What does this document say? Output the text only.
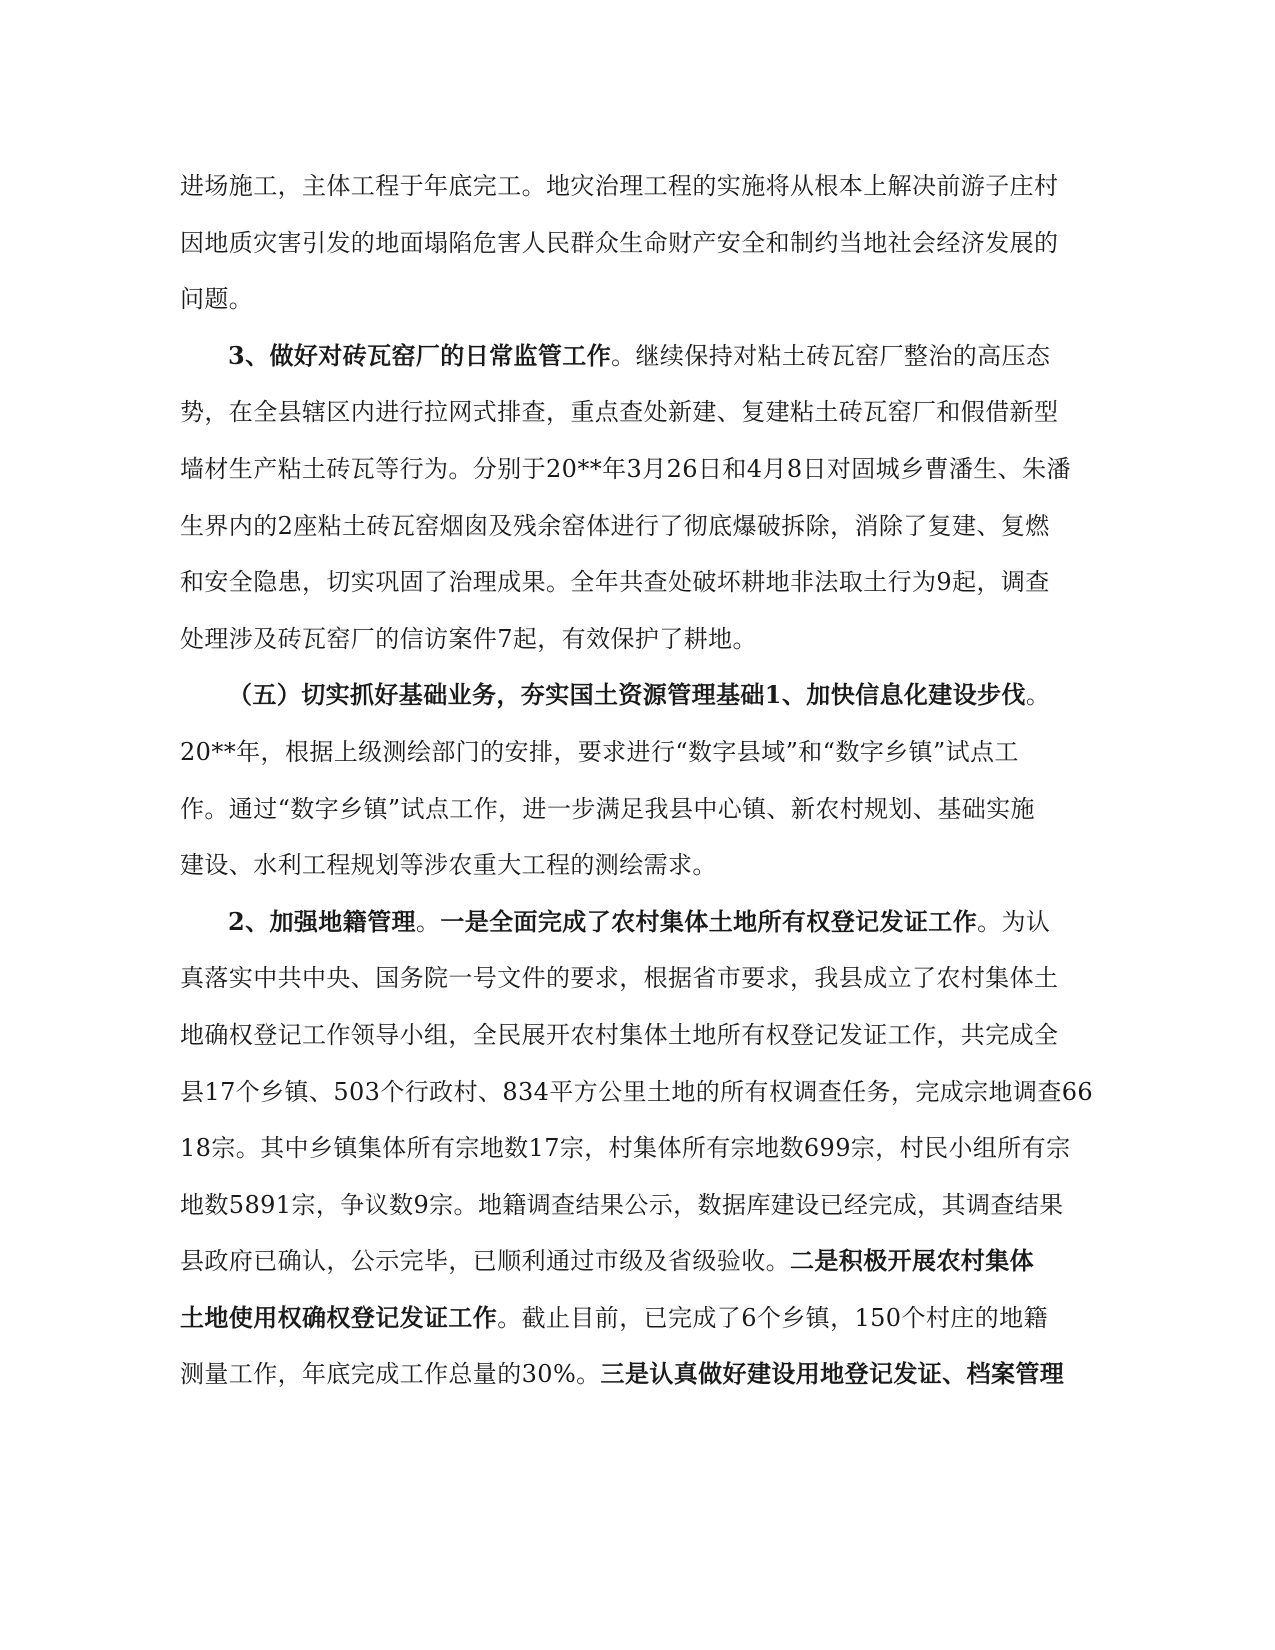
进场施工，主体工程于年底完工。地灾治理工程的实施将从根本上解决前游子庄村
因地质灾害引发的地面塌陷危害人民群众生命财产安全和制约当地社会经济发展的
问题。
3、做好对砖瓦窑厂的日常监管工作。继续保持对粘土砖瓦窑厂整治的高压态
势，在全县辖区内进行拉网式排查，重点查处新建、复建粘土砖瓦窑厂和假借新型
墙材生产粘土砖瓦等行为。分别于20**年3月26日和4月8日对固城乡曹潘生、朱潘
生界内的2座粘土砖瓦窑烟囱及残余窑体进行了彻底爆破拆除，消除了复建、复燃
和安全隐患，切实巩固了治理成果。全年共查处破坏耕地非法取土行为9起，调查
处理涉及砖瓦窑厂的信访案件7起，有效保护了耕地。
（五）切实抓好基础业务，夯实国土资源管理基础1、加快信息化建设步伐。
20**年，根据上级测绘部门的安排，要求进行“数字县域”和“数字乡镇”试点工
作。通过“数字乡镇”试点工作，进一步满足我县中心镇、新农村规划、基础实施
建设、水利工程规划等涉农重大工程的测绘需求。
2、加强地籍管理。一是全面完成了农村集体土地所有权登记发证工作。为认
真落实中共中央、国务院一号文件的要求，根据省市要求，我县成立了农村集体土
地确权登记工作领导小组，全民展开农村集体土地所有权登记发证工作，共完成全
县17个乡镇、503个行政村、834平方公里土地的所有权调查任务，完成宗地调查66
18宗。其中乡镇集体所有宗地数17宗，村集体所有宗地数699宗，村民小组所有宗
地数5891宗，争议数9宗。地籍调查结果公示，数据库建设已经完成，其调查结果
县政府已确认，公示完毕，已顺利通过市级及省级验收。二是积极开展农村集体
土地使用权确权登记发证工作。截止目前，已完成了6个乡镇，150个村庄的地籍
测量工作，年底完成工作总量的30%。三是认真做好建设用地登记发证、档案管理
